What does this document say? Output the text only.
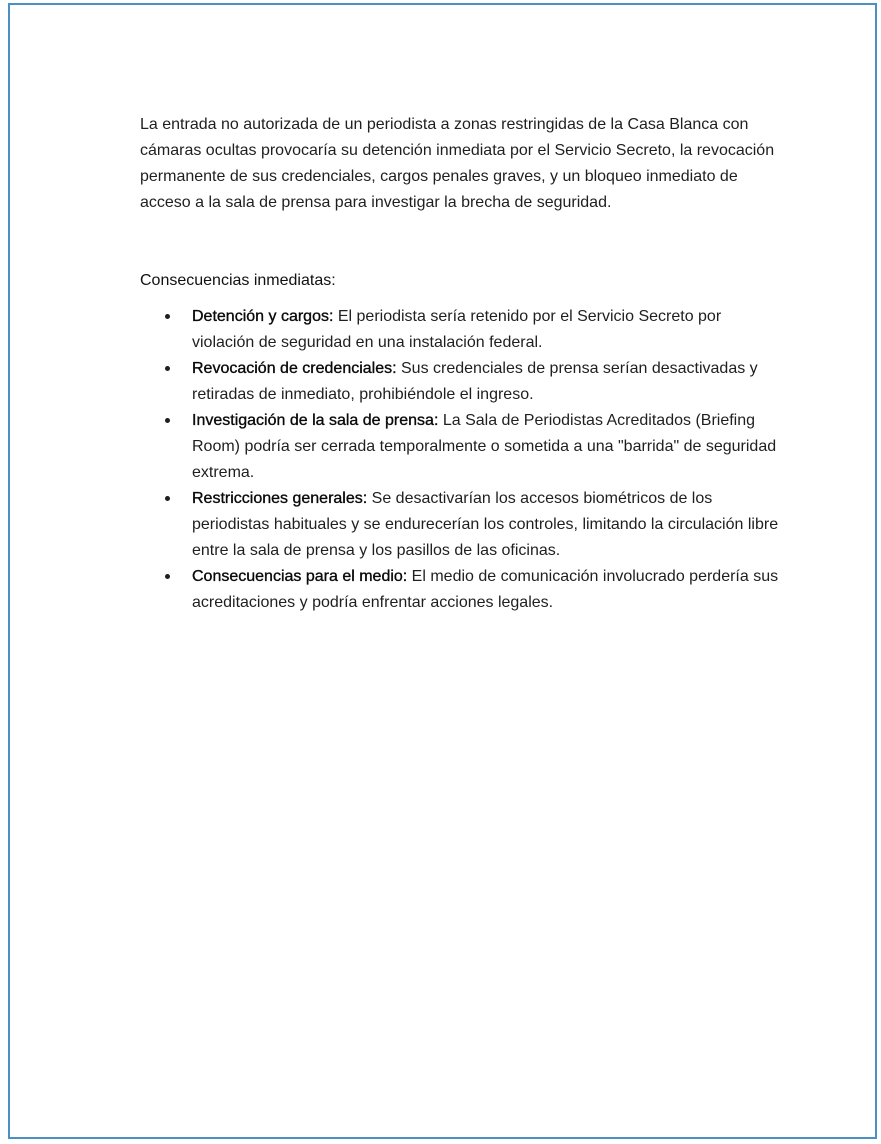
La entrada no autorizada de un periodista a zonas restringidas de la Casa Blanca con cámaras ocultas provocaría su detención inmediata por el Servicio Secreto, la revocación permanente de sus credenciales, cargos penales graves, y un bloqueo inmediato de acceso a la sala de prensa para investigar la brecha de seguridad.

Consecuencias inmediatas:
Detención y cargos: El periodista sería retenido por el Servicio Secreto por violación de seguridad en una instalación federal.
Revocación de credenciales: Sus credenciales de prensa serían desactivadas y retiradas de inmediato, prohibiéndole el ingreso.
Investigación de la sala de prensa: La Sala de Periodistas Acreditados (Briefing Room) podría ser cerrada temporalmente o sometida a una "barrida" de seguridad extrema.
Restricciones generales: Se desactivarían los accesos biométricos de los periodistas habituales y se endurecerían los controles, limitando la circulación libre entre la sala de prensa y los pasillos de las oficinas.
Consecuencias para el medio: El medio de comunicación involucrado perdería sus acreditaciones y podría enfrentar acciones legales.
